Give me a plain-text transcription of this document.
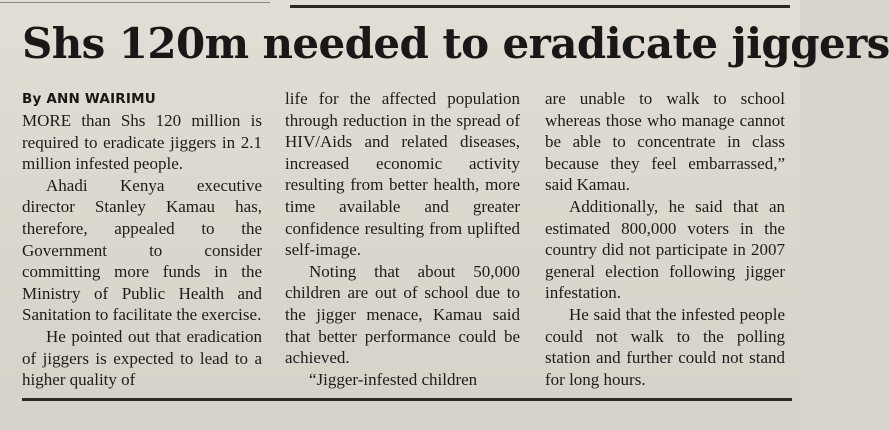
Shs 120m needed to eradicate jiggers

By ANN WAIRIMU

MORE than Shs 120 million is required to eradicate jiggers in 2.1 million infested people.

Ahadi Kenya executive director Stanley Kamau has, therefore, appealed to the Government to consider committing more funds in the Ministry of Public Health and Sanitation to facilitate the exercise.

He pointed out that eradication of jiggers is expected to lead to a higher quality of

life for the affected population through reduction in the spread of HIV/Aids and related diseases, increased economic activity resulting from better health, more time available and greater confidence resulting from uplifted self-image.

Noting that about 50,000 children are out of school due to the jigger menace, Kamau said that better performance could be achieved.

“Jigger-infested children

are unable to walk to school whereas those who manage cannot be able to concentrate in class because they feel embarrassed,” said Kamau.

Additionally, he said that an estimated 800,000 voters in the country did not participate in 2007 general election following jigger infestation.

He said that the infested people could not walk to the polling station and further could not stand for long hours.
